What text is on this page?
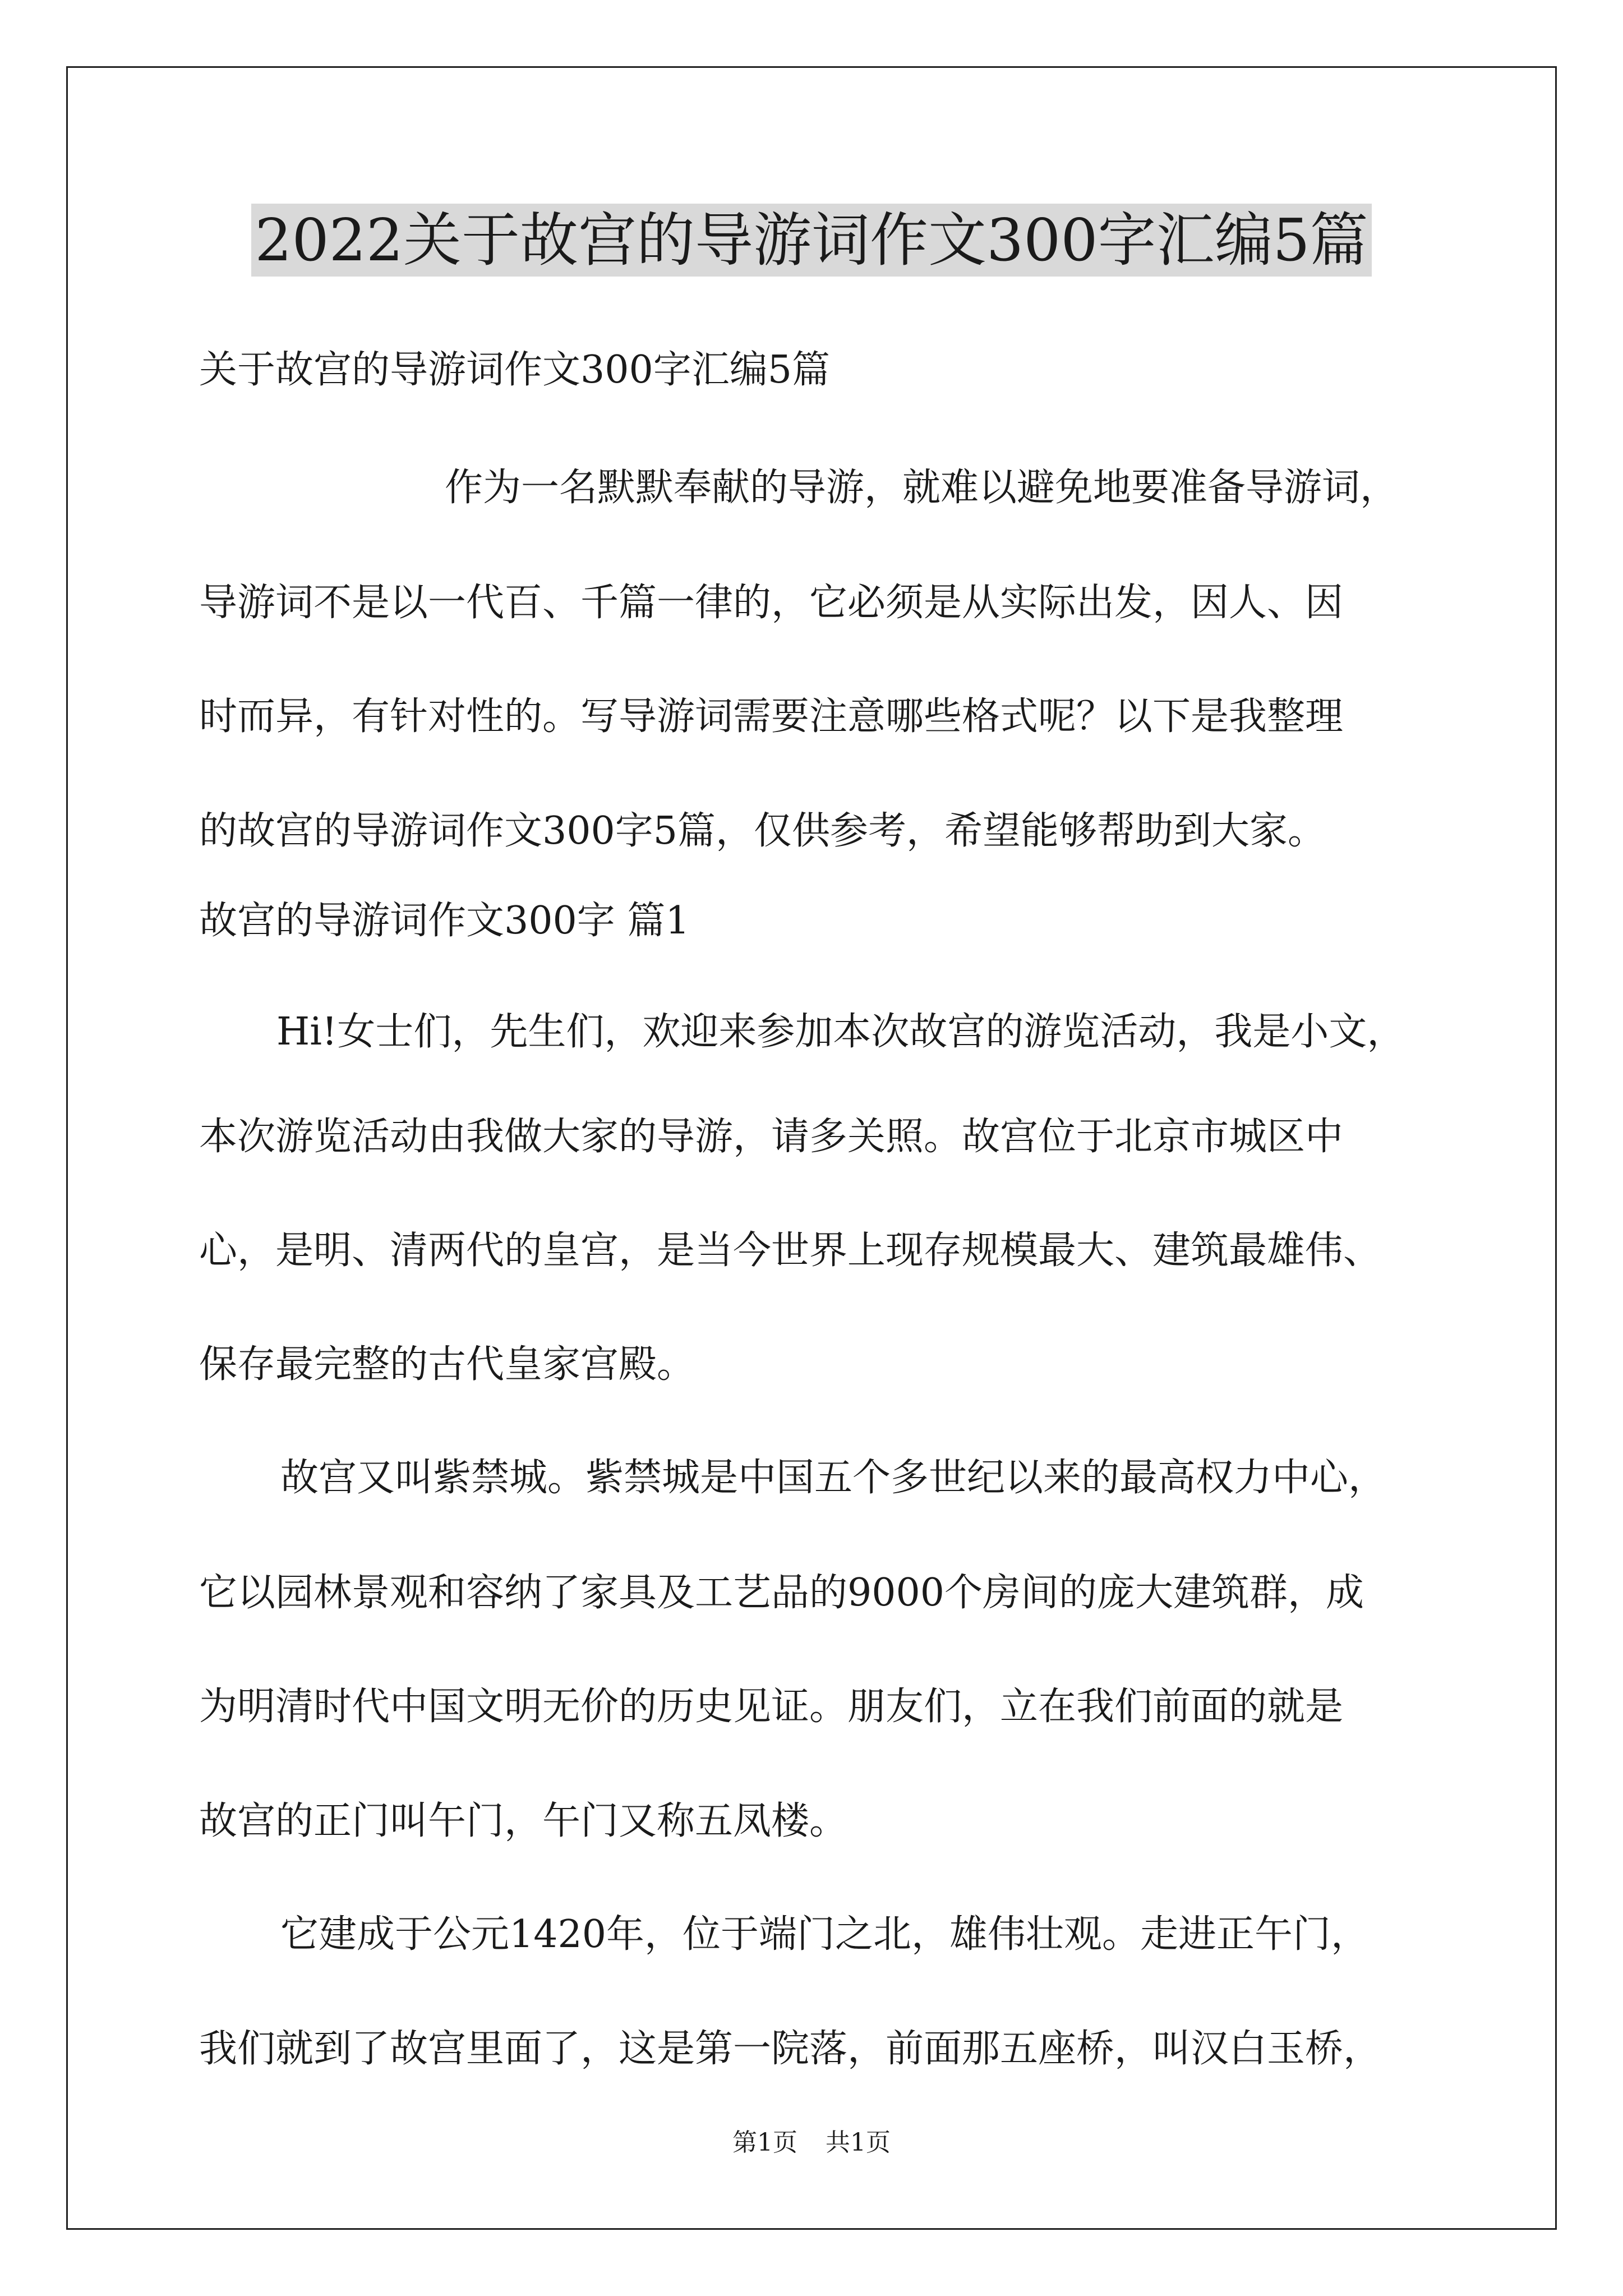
2022关于故宫的导游词作文300字汇编5篇

关于故宫的导游词作文300字汇编5篇

作为一名默默奉献的导游，就难以避免地要准备导游词，

导游词不是以一代百、千篇一律的，它必须是从实际出发，因人、因

时而异，有针对性的。写导游词需要注意哪些格式呢？以下是我整理

的故宫的导游词作文300字5篇，仅供参考，希望能够帮助到大家。

故宫的导游词作文300字 篇1

Hi!女士们，先生们，欢迎来参加本次故宫的游览活动，我是小文，

本次游览活动由我做大家的导游，请多关照。故宫位于北京市城区中

心，是明、清两代的皇宫，是当今世界上现存规模最大、建筑最雄伟、

保存最完整的古代皇家宫殿。

故宫又叫紫禁城。紫禁城是中国五个多世纪以来的最高权力中心，

它以园林景观和容纳了家具及工艺品的9000个房间的庞大建筑群，成

为明清时代中国文明无价的历史见证。朋友们，立在我们前面的就是

故宫的正门叫午门，午门又称五凤楼。

它建成于公元1420年，位于端门之北，雄伟壮观。走进正午门，

我们就到了故宫里面了，这是第一院落，前面那五座桥，叫汉白玉桥，

第1页 共1页
